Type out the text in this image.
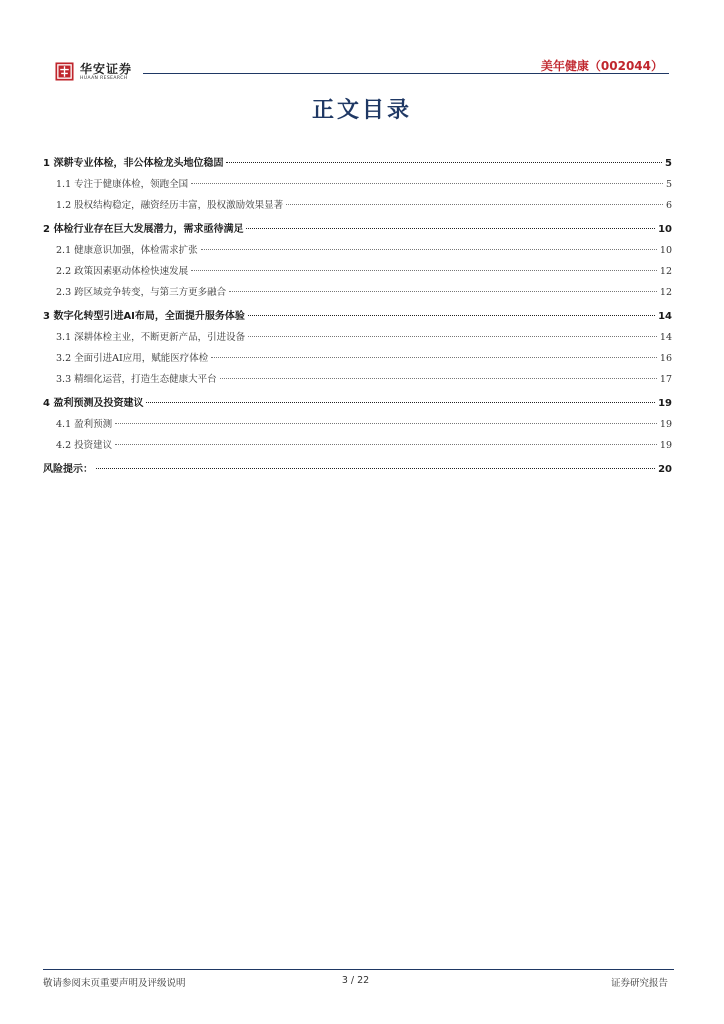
华安证券
HUAAN RESEARCH
美年健康（002044）
正文目录
1 深耕专业体检，非公体检龙头地位稳固	5
1.1 专注于健康体检，领跑全国	5
1.2 股权结构稳定，融资经历丰富，股权激励效果显著	6
2 体检行业存在巨大发展潜力，需求亟待满足	10
2.1 健康意识加强，体检需求扩张	10
2.2 政策因素驱动体检快速发展	12
2.3 跨区域竞争转变，与第三方更多融合	12
3 数字化转型引进AI布局，全面提升服务体验	14
3.1 深耕体检主业，不断更新产品，引进设备	14
3.2 全面引进AI应用，赋能医疗体检	16
3.3 精细化运营，打造生态健康大平台	17
4 盈利预测及投资建议	19
4.1 盈利预测	19
4.2 投资建议	19
风险提示：	20
敬请参阅末页重要声明及评级说明	3 / 22	证券研究报告
